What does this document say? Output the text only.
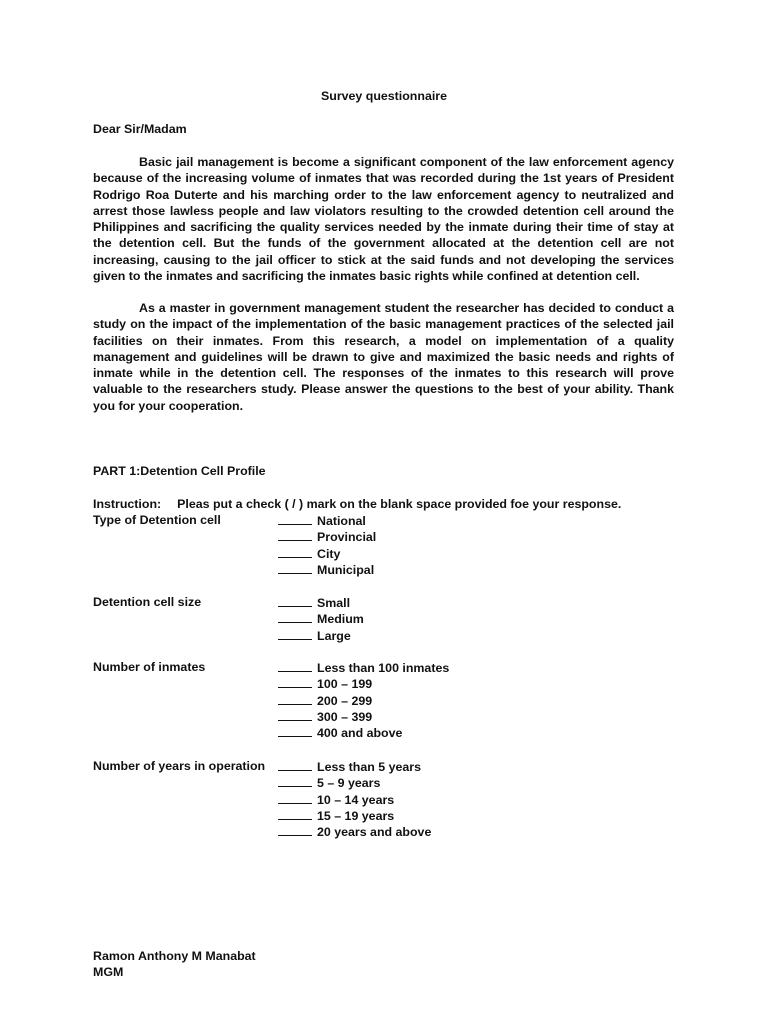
Survey questionnaire
Dear Sir/Madam

Basic jail management is become a significant component of the law enforcement agency because of the increasing volume of inmates that was recorded during the 1st years of President Rodrigo Roa Duterte and his marching order to the law enforcement agency to neutralized and arrest those lawless people and law violators resulting to the crowded detention cell around the Philippines and sacrificing the quality services needed by the inmate during their time of stay at the detention cell. But the funds of the government allocated at the detention cell are not increasing, causing to the jail officer to stick at the said funds and not developing the services given to the inmates and sacrificing the inmates basic rights while confined at detention cell.

As a master in government management student the researcher has decided to conduct a study on the impact of the implementation of the basic management practices of the selected jail facilities on their inmates. From this research, a model on implementation of a quality management and guidelines will be drawn to give and maximized the basic needs and rights of inmate while in the detention cell. The responses of the inmates to this research will prove valuable to the researchers study. Please answer the questions to the best of your ability. Thank you for your cooperation.

PART 1:Detention Cell Profile
Instruction: Pleas put a check ( / ) mark on the blank space provided foe your response.
Type of Detention cell	National
Provincial
City
Municipal
Detention cell size	Small
Medium
Large
Number of inmates	Less than 100 inmates
100 – 199
200 – 299
300 – 399
400 and above
Number of years in operation	Less than 5 years
5 – 9 years
10 – 14 years
15 – 19 years
20 years and above
Ramon Anthony M Manabat
MGM
